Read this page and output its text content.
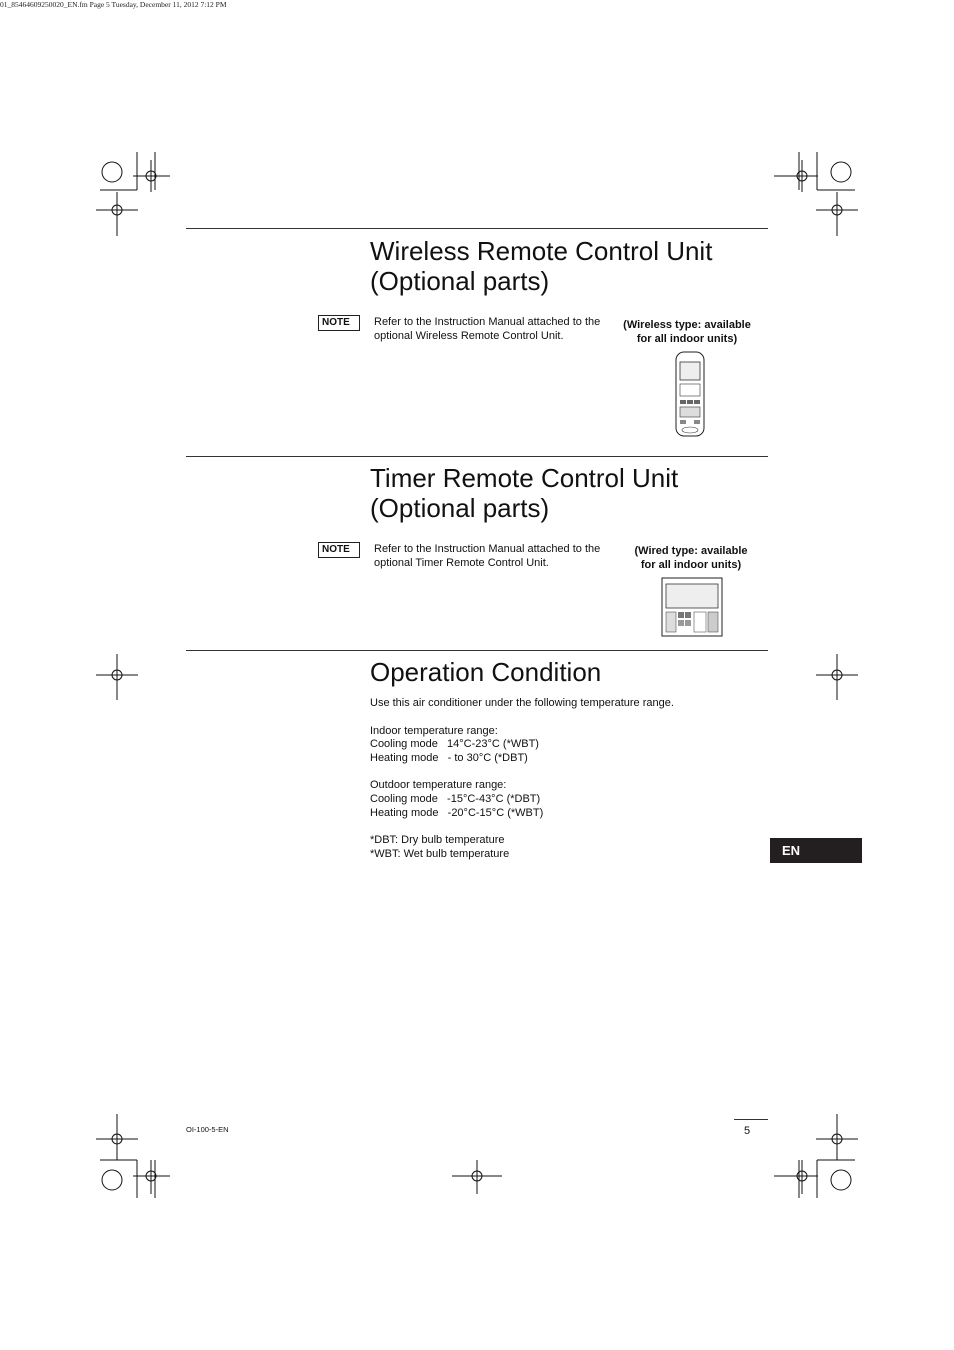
01_85464609250020_EN.fm Page 5 Tuesday, December 11, 2012 7:12 PM
Wireless Remote Control Unit
(Optional parts)
NOTE	Refer to the Instruction Manual attached to the optional Wireless Remote Control Unit.
(Wireless type: available
for all indoor units)
Timer Remote Control Unit
(Optional parts)
NOTE	Refer to the Instruction Manual attached to the optional Timer Remote Control Unit.
(Wired type: available
for all indoor units)
Operation Condition
Use this air conditioner under the following temperature range.
Indoor temperature range:
Cooling mode   14°C-23°C (*WBT)
Heating mode   - to 30°C (*DBT)
Outdoor temperature range:
Cooling mode   -15°C-43°C (*DBT)
Heating mode   -20°C-15°C (*WBT)
*DBT: Dry bulb temperature
*WBT: Wet bulb temperature	EN
OI-100-5-EN	5
